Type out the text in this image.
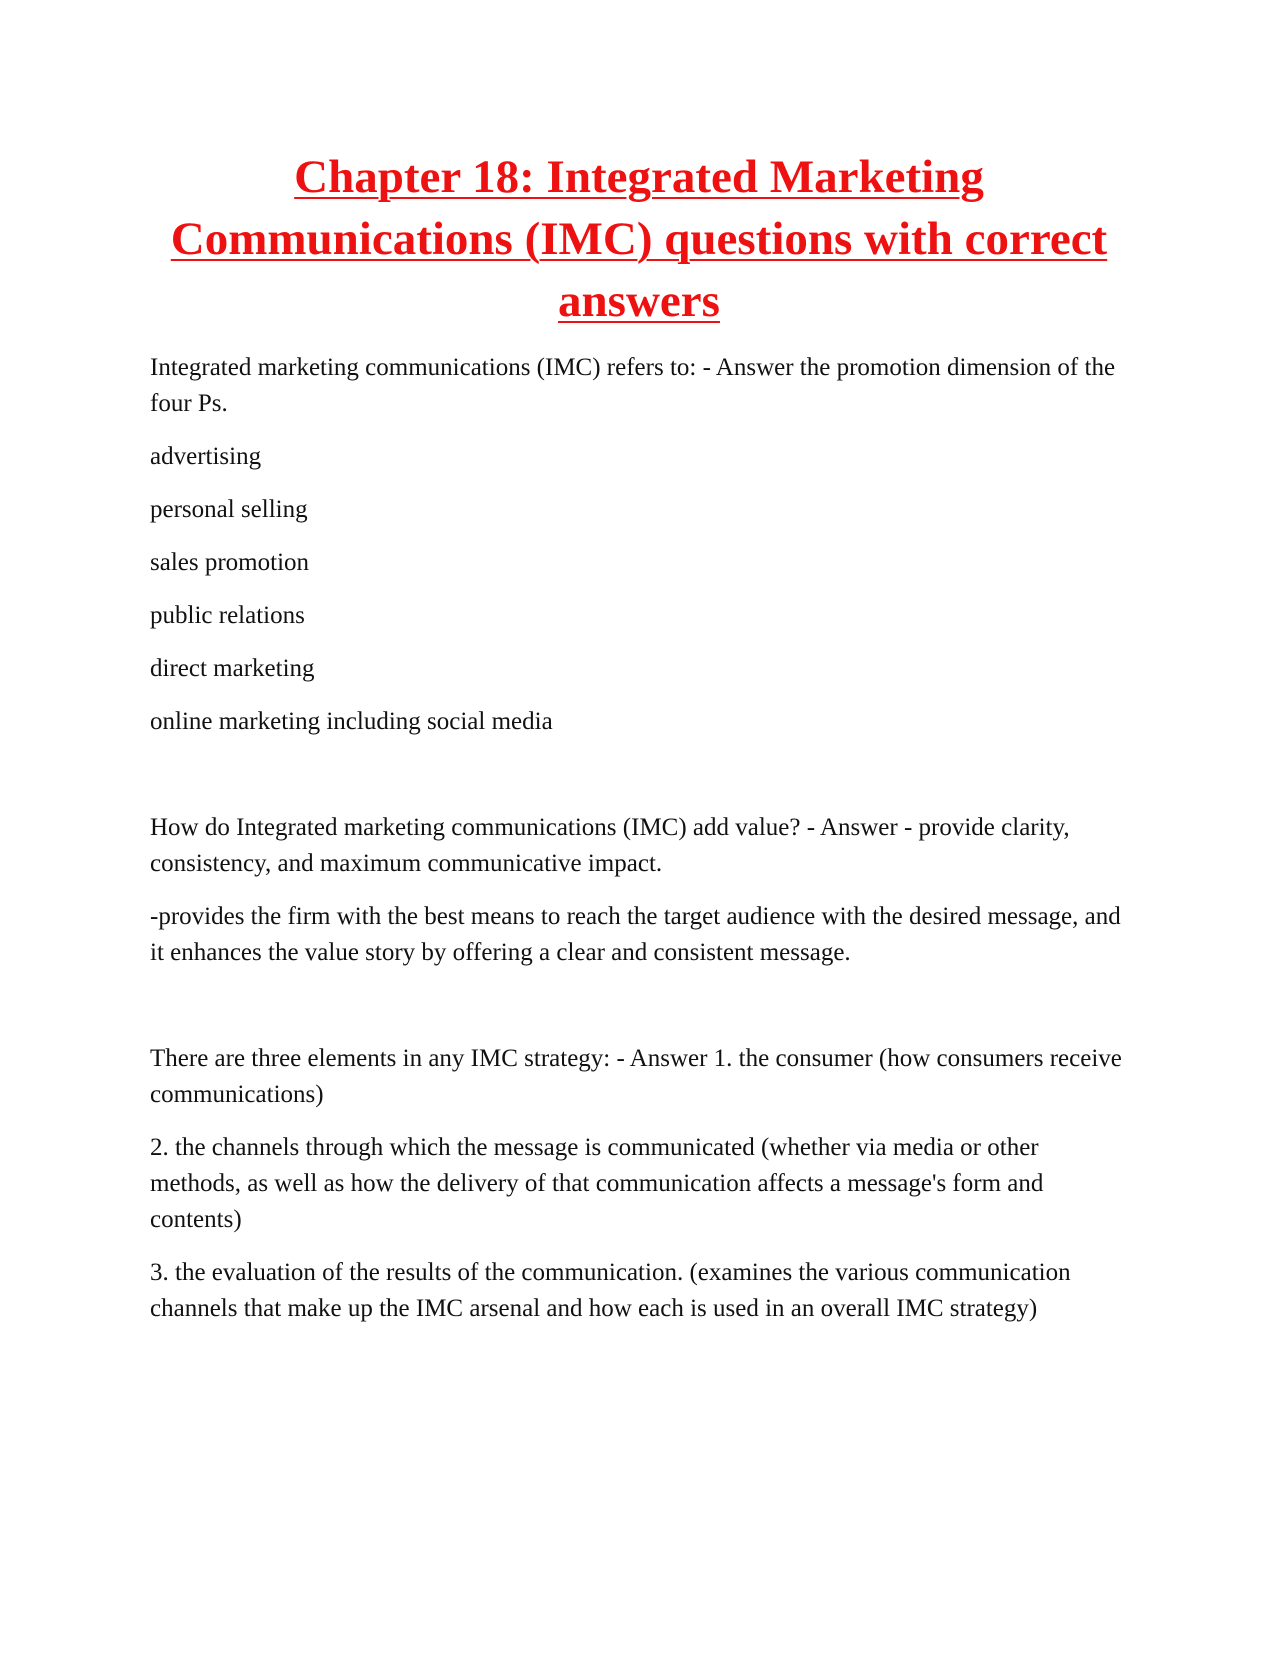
Chapter 18: Integrated Marketing Communications (IMC) questions with correct answers

Integrated marketing communications (IMC) refers to: - Answer the promotion dimension of the four Ps.

advertising

personal selling

sales promotion

public relations

direct marketing

online marketing including social media

How do Integrated marketing communications (IMC) add value? - Answer - provide clarity, consistency, and maximum communicative impact.

-provides the firm with the best means to reach the target audience with the desired message, and it enhances the value story by offering a clear and consistent message.

There are three elements in any IMC strategy: - Answer 1. the consumer (how consumers receive communications)

2. the channels through which the message is communicated (whether via media or other methods, as well as how the delivery of that communication affects a message's form and contents)

3. the evaluation of the results of the communication. (examines the various communication channels that make up the IMC arsenal and how each is used in an overall IMC strategy)
